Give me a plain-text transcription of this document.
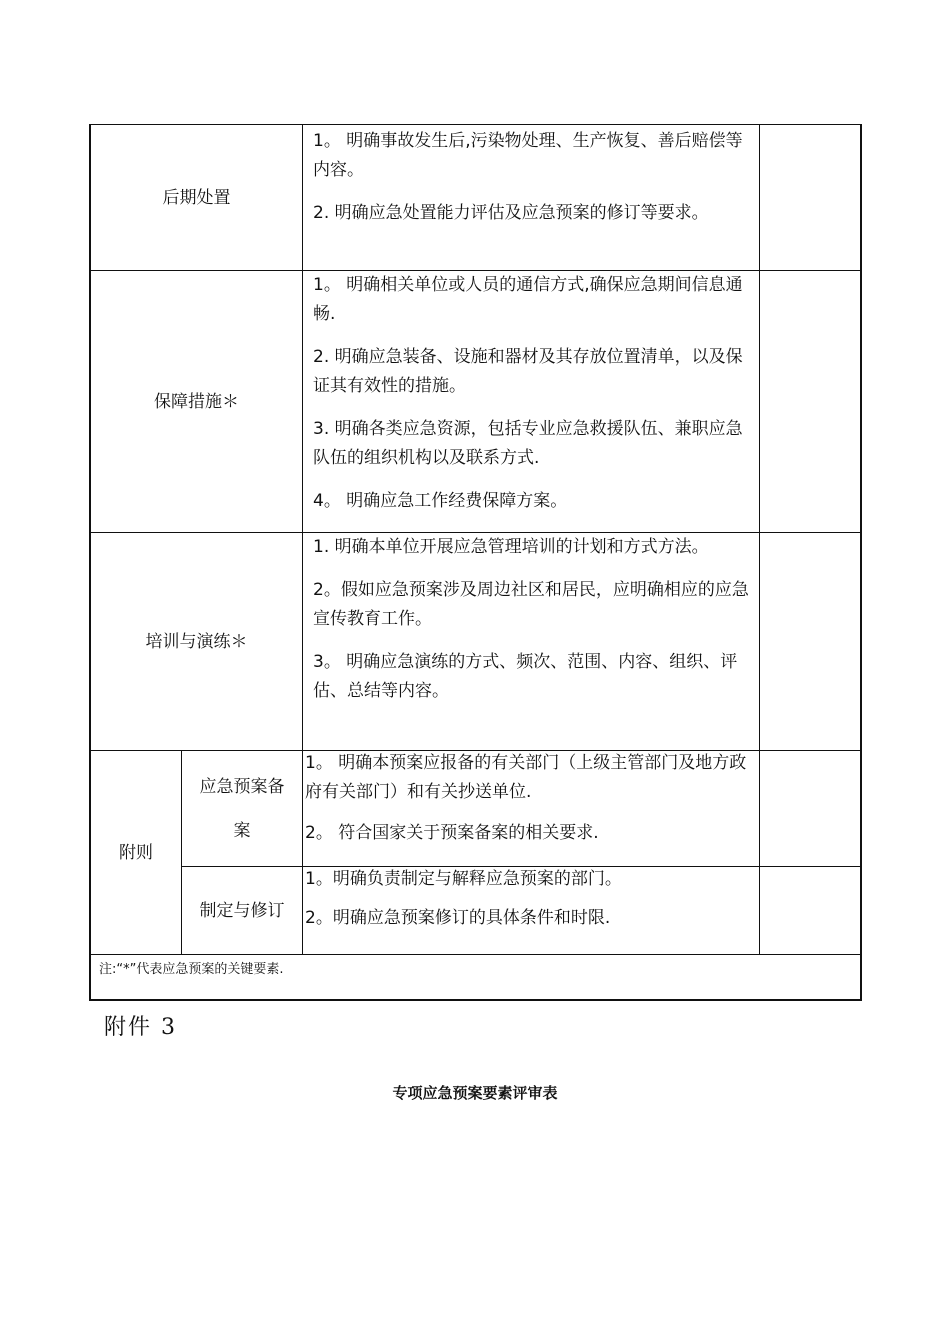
后期处置

1。 明确事故发生后,污染物处理、生产恢复、善后赔偿等内容。

2. 明确应急处置能力评估及应急预案的修订等要求。

保障措施＊

1。 明确相关单位或人员的通信方式,确保应急期间信息通畅.

2. 明确应急装备、设施和器材及其存放位置清单，以及保证其有效性的措施。

3. 明确各类应急资源，包括专业应急救援队伍、兼职应急队伍的组织机构以及联系方式.

4。 明确应急工作经费保障方案。

培训与演练＊

1. 明确本单位开展应急管理培训的计划和方式方法。

2。假如应急预案涉及周边社区和居民，应明确相应的应急宣传教育工作。

3。 明确应急演练的方式、频次、范围、内容、组织、评估、总结等内容。

附则
应急预案备案

1。 明确本预案应报备的有关部门（上级主管部门及地方政府有关部门）和有关抄送单位.

2。 符合国家关于预案备案的相关要求.

制定与修订

1。明确负责制定与解释应急预案的部门。

2。明确应急预案修订的具体条件和时限.

注:“*”代表应急预案的关键要素.
附件 3
专项应急预案要素评审表
